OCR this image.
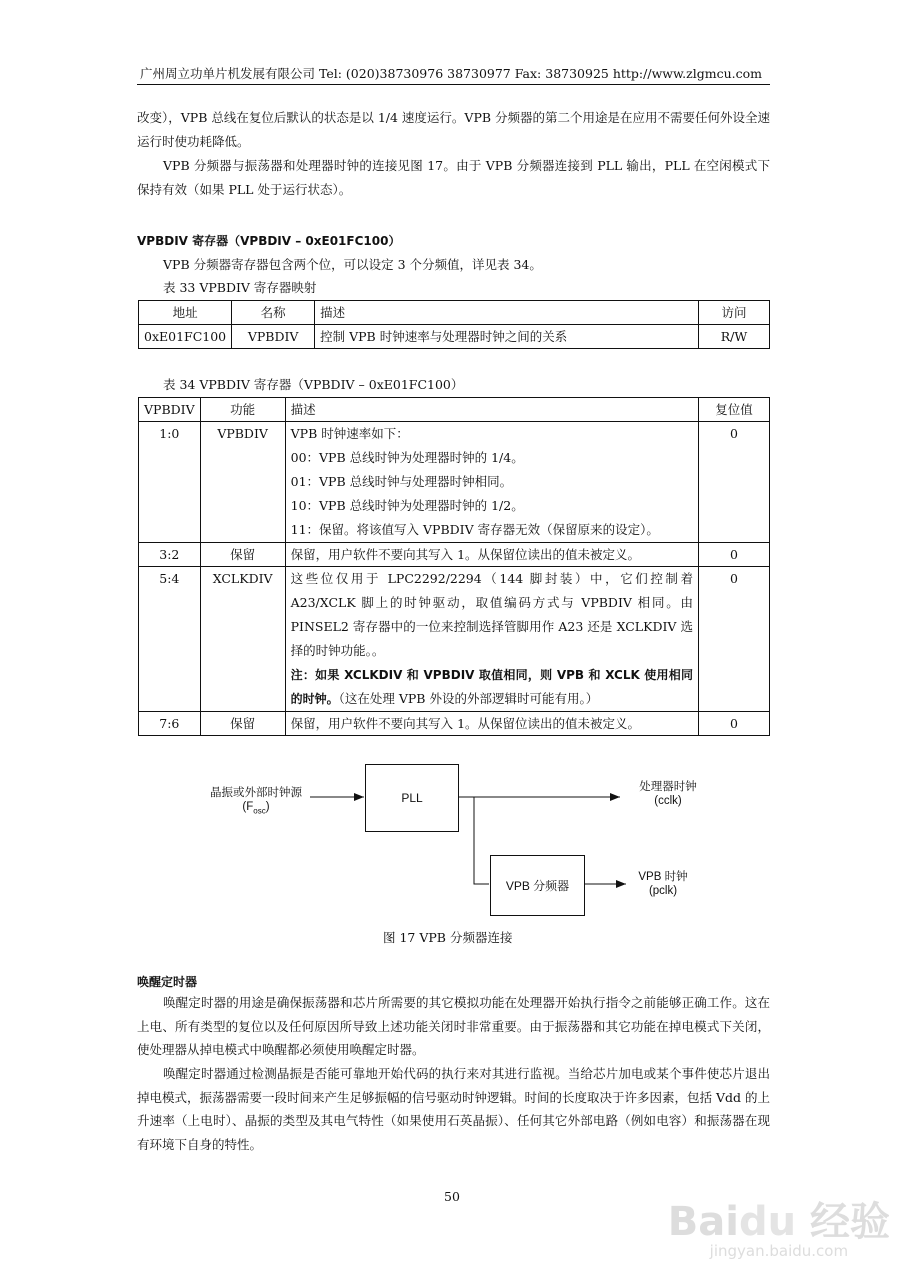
广州周立功单片机发展有限公司 Tel: (020)38730976 38730977 Fax: 38730925 http://www.zlgmcu.com
改变），VPB 总线在复位后默认的状态是以 1/4 速度运行。VPB 分频器的第二个用途是在应用不需要任何外设全速运行时使功耗降低。
VPB 分频器与振荡器和处理器时钟的连接见图 17。由于 VPB 分频器连接到 PLL 输出，PLL 在空闲模式下保持有效（如果 PLL 处于运行状态）。
VPBDIV 寄存器（VPBDIV – 0xE01FC100）
VPB 分频器寄存器包含两个位，可以设定 3 个分频值，详见表 34。
表 33 VPBDIV 寄存器映射
地址	名称	描述	访问
0xE01FC100	VPBDIV	控制 VPB 时钟速率与处理器时钟之间的关系	R/W
表 34 VPBDIV 寄存器（VPBDIV – 0xE01FC100）
VPBDIV	功能	描述	复位值
1:0	VPBDIV	VPB 时钟速率如下：
00：VPB 总线时钟为处理器时钟的 1/4。
01：VPB 总线时钟与处理器时钟相同。
10：VPB 总线时钟为处理器时钟的 1/2。
11：保留。将该值写入 VPBDIV 寄存器无效（保留原来的设定）。	0
3:2	保留	保留，用户软件不要向其写入 1。从保留位读出的值未被定义。	0
5:4	XCLKDIV	这些位仅用于 LPC2292/2294（144 脚封装）中，它们控制着 A23/XCLK 脚上的时钟驱动，取值编码方式与 VPBDIV 相同。由 PINSEL2 寄存器中的一位来控制选择管脚用作 A23 还是 XCLKDIV 选择的时钟功能。。
注：如果 XCLKDIV 和 VPBDIV 取值相同，则 VPB 和 XCLK 使用相同的时钟。（这在处理 VPB 外设的外部逻辑时可能有用。）	0
7:6	保留	保留，用户软件不要向其写入 1。从保留位读出的值未被定义。	0
晶振或外部时钟源
$(F_{osc})$
PLL
VPB 分频器
处理器时钟
(cclk)
VPB 时钟
(pclk)
图 17 VPB 分频器连接
唤醒定时器
唤醒定时器的用途是确保振荡器和芯片所需要的其它模拟功能在处理器开始执行指令之前能够正确工作。这在上电、所有类型的复位以及任何原因所导致上述功能关闭时非常重要。由于振荡器和其它功能在掉电模式下关闭，使处理器从掉电模式中唤醒都必须使用唤醒定时器。
唤醒定时器通过检测晶振是否能可靠地开始代码的执行来对其进行监视。当给芯片加电或某个事件使芯片退出掉电模式，振荡器需要一段时间来产生足够振幅的信号驱动时钟逻辑。时间的长度取决于许多因素，包括 Vdd 的上升速率（上电时）、晶振的类型及其电气特性（如果使用石英晶振）、任何其它外部电路（例如电容）和振荡器在现有环境下自身的特性。
50
Baidu 经验
jingyan.baidu.com
